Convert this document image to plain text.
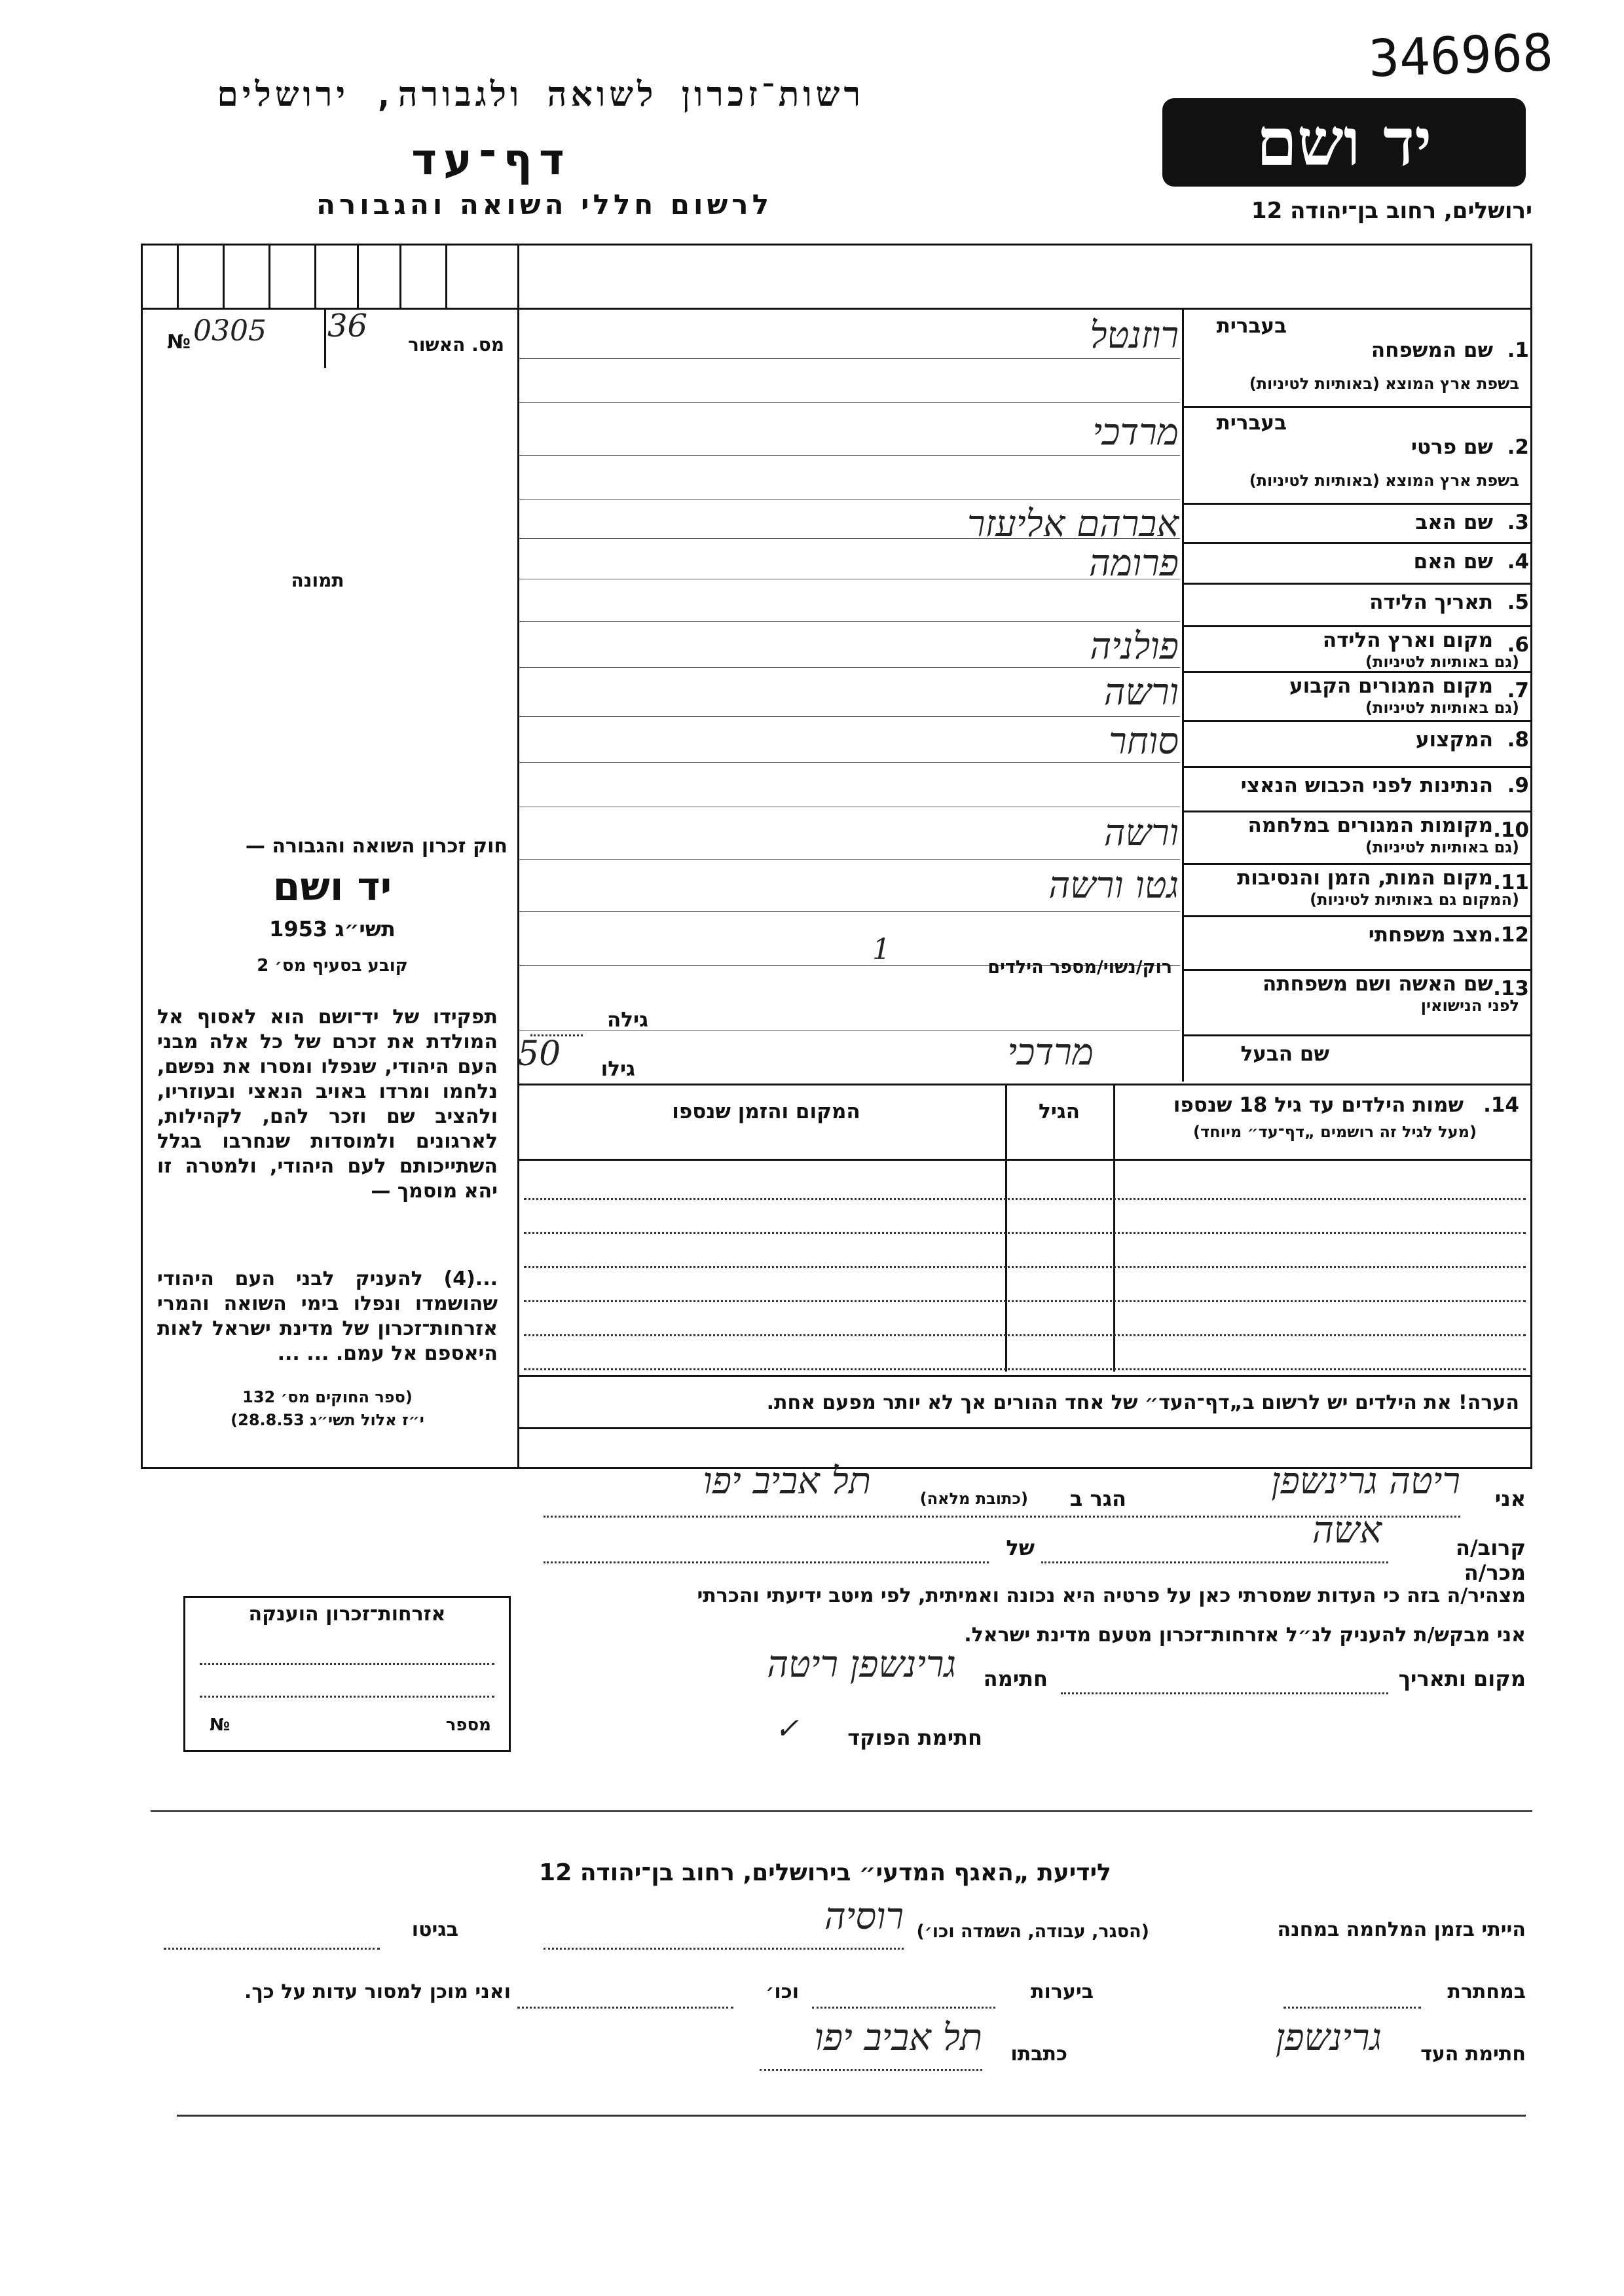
346968
רשות־זכרון לשואה ולגבורה, ירושלים
דף־עד
לרשום חללי השואה והגבורה
יד ושם
ירושלים, רחוב בן־יהודה 12
№ 0305	36
מס. האשור
תמונה
חוק זכרון השואה והגבורה —
יד ושם
תשי״ג 1953
קובע בסעיף מס׳ 2
תפקידו של יד־ושם הוא לאסוף אל המולדת את זכרם של כל אלה מבני העם היהודי, שנפלו ומסרו את נפשם, נלחמו ומרדו באויב הנאצי ובעוזריו, ולהציב שם וזכר להם, לקהילות, לארגונים ולמוסדות שנחרבו בגלל השתייכותם לעם היהודי, ולמטרה זו יהא מוסמך —
...(4) להעניק לבני העם היהודי שהושמדו ונפלו בימי השואה והמרי אזרחות־זכרון של מדינת ישראל לאות היאספם אל עמם. ... ...
(ספר החוקים מס׳ 132
י״ז אלול תשי״ג 28.8.53)
1.
שם המשפחה
בעברית
בשפת ארץ המוצא (באותיות לטיניות)
רוזנטל
2.
שם פרטי
בעברית
בשפת ארץ המוצא (באותיות לטיניות)
מרדכי
3.
שם האב
אברהם אליעזר
4.
שם האם
פרומה
5.
תאריך הלידה
6.
מקום וארץ הלידה
(גם באותיות לטיניות)
פולניה
7.
מקום המגורים הקבוע
(גם באותיות לטיניות)
ורשה
8.
המקצוע
סוחר
9.
הנתינות לפני הכבוש הנאצי
10.
מקומות המגורים במלחמה
(גם באותיות לטיניות)
ורשה
11.
מקום המות, הזמן והנסיבות
(המקום גם באותיות לטיניות)
גטו ורשה
12.
מצב משפחתי
13.
שם האשה ושם משפחתה
לפני הנישואין
1
רוק/נשוי/מספר הילדים
גילה
שם הבעל
מרדכי
גילו
50
14.
שמות הילדים עד גיל 18 שנספו
(מעל לגיל זה רושמים „דף־עד״ מיוחד)
הגיל
המקום והזמן שנספו
הערה! את הילדים יש לרשום ב„דף־העד״ של אחד ההורים אך לא יותר מפעם אחת.
אני
ריטה גרינשפן
הגר ב
(כתובת מלאה)
תל אביב יפו
קרוב/ה מכר/ה
אשה
של
מצהיר/ה בזה כי העדות שמסרתי כאן על פרטיה היא נכונה ואמיתית, לפי מיטב ידיעתי והכרתי
אני מבקש/ת להעניק לנ״ל אזרחות־זכרון מטעם מדינת ישראל.
מקום ותאריך
חתימה
גרינשפן ריטה
חתימת הפוקד
✓
אזרחות־זכרון הוענקה
מספר
№
לידיעת „האגף המדעי״ בירושלים, רחוב בן־יהודה 12
הייתי בזמן המלחמה במחנה
(הסגר, עבודה, השמדה וכו׳)
רוסיה
בגיטו
במחתרת
ביערות
וכו׳
ואני מוכן למסור עדות על כך.
חתימת העד
גרינשפן
כתבתו
תל אביב יפו
